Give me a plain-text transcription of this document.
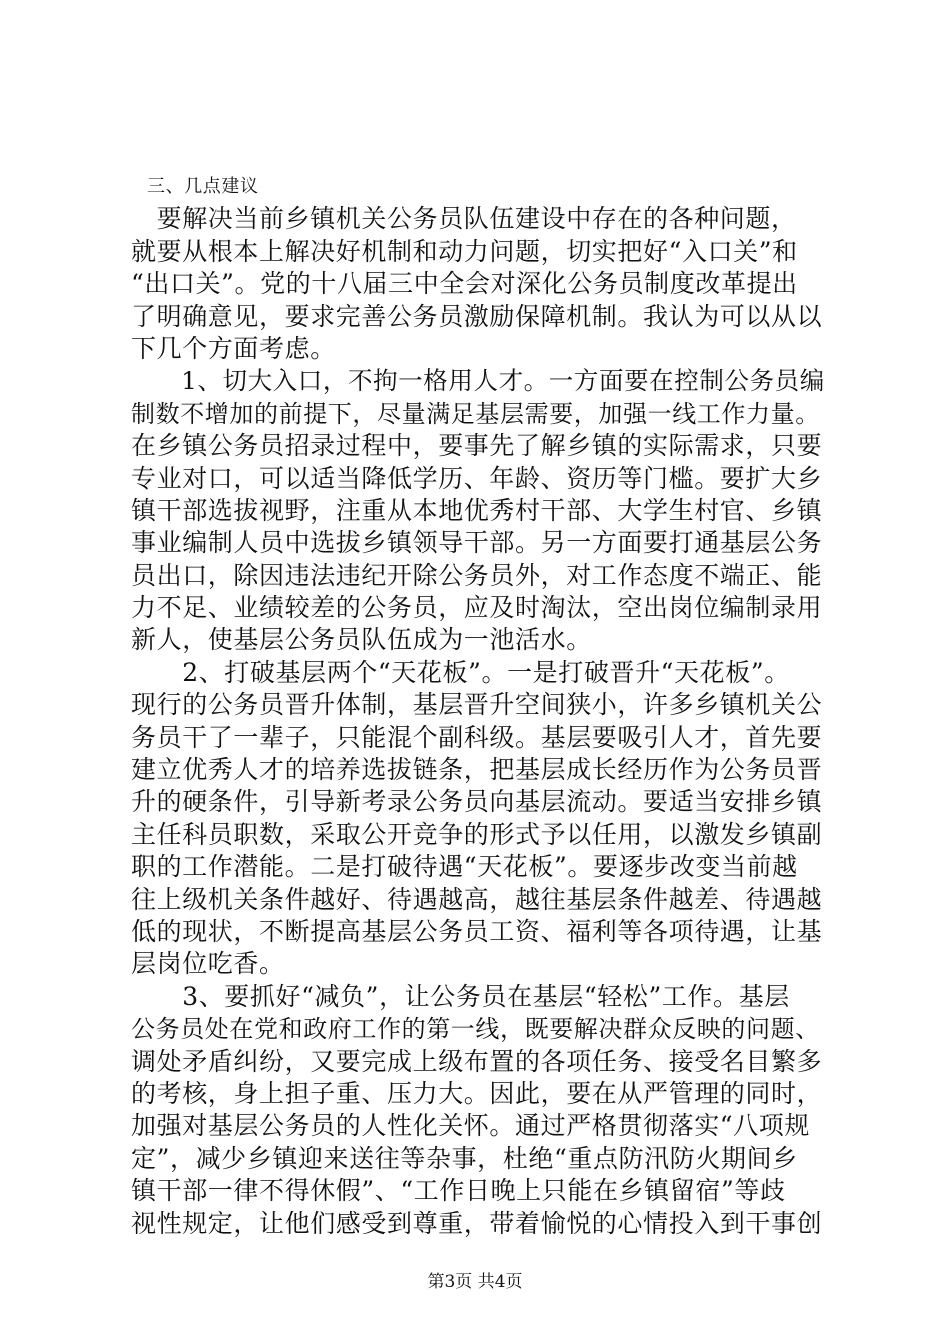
三、几点建议
　要解决当前乡镇机关公务员队伍建设中存在的各种问题，
就要从根本上解决好机制和动力问题，切实把好“入口关”和
“出口关”。党的十八届三中全会对深化公务员制度改革提出
了明确意见，要求完善公务员激励保障机制。我认为可以从以
下几个方面考虑。
　　1、切大入口，不拘一格用人才。一方面要在控制公务员编
制数不增加的前提下，尽量满足基层需要，加强一线工作力量。
在乡镇公务员招录过程中，要事先了解乡镇的实际需求，只要
专业对口，可以适当降低学历、年龄、资历等门槛。要扩大乡
镇干部选拔视野，注重从本地优秀村干部、大学生村官、乡镇
事业编制人员中选拔乡镇领导干部。另一方面要打通基层公务
员出口，除因违法违纪开除公务员外，对工作态度不端正、能
力不足、业绩较差的公务员，应及时淘汰，空出岗位编制录用
新人，使基层公务员队伍成为一池活水。
　　2、打破基层两个“天花板”。一是打破晋升“天花板”。
现行的公务员晋升体制，基层晋升空间狭小，许多乡镇机关公
务员干了一辈子，只能混个副科级。基层要吸引人才，首先要
建立优秀人才的培养选拔链条，把基层成长经历作为公务员晋
升的硬条件，引导新考录公务员向基层流动。要适当安排乡镇
主任科员职数，采取公开竞争的形式予以任用，以激发乡镇副
职的工作潜能。二是打破待遇“天花板”。要逐步改变当前越
往上级机关条件越好、待遇越高，越往基层条件越差、待遇越
低的现状，不断提高基层公务员工资、福利等各项待遇，让基
层岗位吃香。
　　3、要抓好“减负”，让公务员在基层“轻松”工作。基层
公务员处在党和政府工作的第一线，既要解决群众反映的问题、
调处矛盾纠纷，又要完成上级布置的各项任务、接受名目繁多
的考核，身上担子重、压力大。因此，要在从严管理的同时，
加强对基层公务员的人性化关怀。通过严格贯彻落实“八项规
定”，减少乡镇迎来送往等杂事，杜绝“重点防汛防火期间乡
镇干部一律不得休假”、“工作日晚上只能在乡镇留宿”等歧
视性规定，让他们感受到尊重，带着愉悦的心情投入到干事创
第3页 共4页
